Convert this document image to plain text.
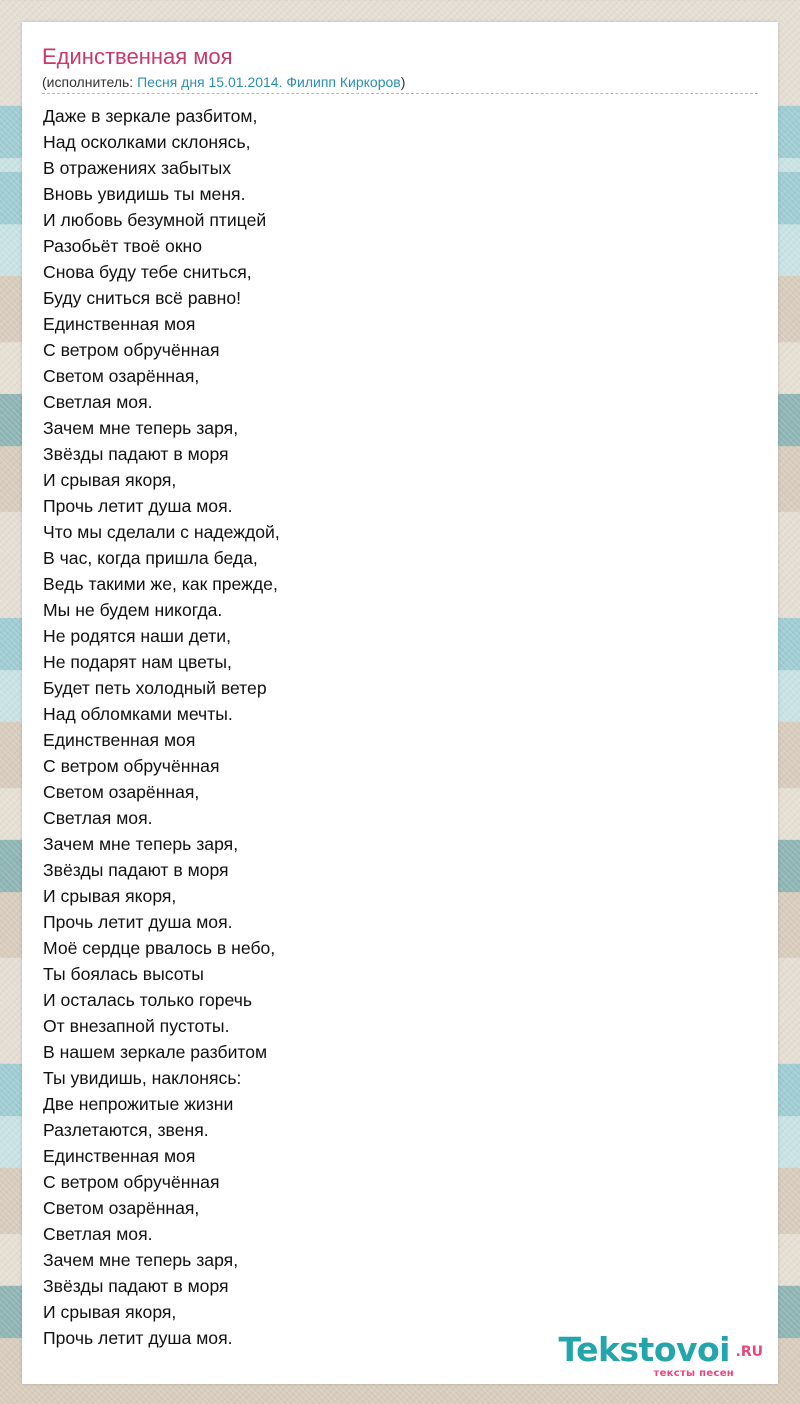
Единственная моя
(исполнитель: Песня дня 15.01.2014. Филипп Киркоров)
Даже в зеркале разбитом,
Над осколками склонясь,
В отражениях забытых
Вновь увидишь ты меня.
И любовь безумной птицей
Разобьёт твоё окно
Снова буду тебе сниться,
Буду сниться всё равно!
Единственная моя
С ветром обручённая
Светом озарённая,
Светлая моя.
Зачем мне теперь заря,
Звёзды падают в моря
И срывая якоря,
Прочь летит душа моя.
Что мы сделали с надеждой,
В час, когда пришла беда,
Ведь такими же, как прежде,
Мы не будем никогда.
Не родятся наши дети,
Не подарят нам цветы,
Будет петь холодный ветер
Над обломками мечты.
Единственная моя
С ветром обручённая
Светом озарённая,
Светлая моя.
Зачем мне теперь заря,
Звёзды падают в моря
И срывая якоря,
Прочь летит душа моя.
Моё сердце рвалось в небо,
Ты боялась высоты
И осталась только горечь
От внезапной пустоты.
В нашем зеркале разбитом
Ты увидишь, наклонясь:
Две непрожитые жизни
Разлетаются, звеня.
Единственная моя
С ветром обручённая
Светом озарённая,
Светлая моя.
Зачем мне теперь заря,
Звёзды падают в моря
И срывая якоря,
Прочь летит душа моя.	Tekstovoi .RU
тексты песен
